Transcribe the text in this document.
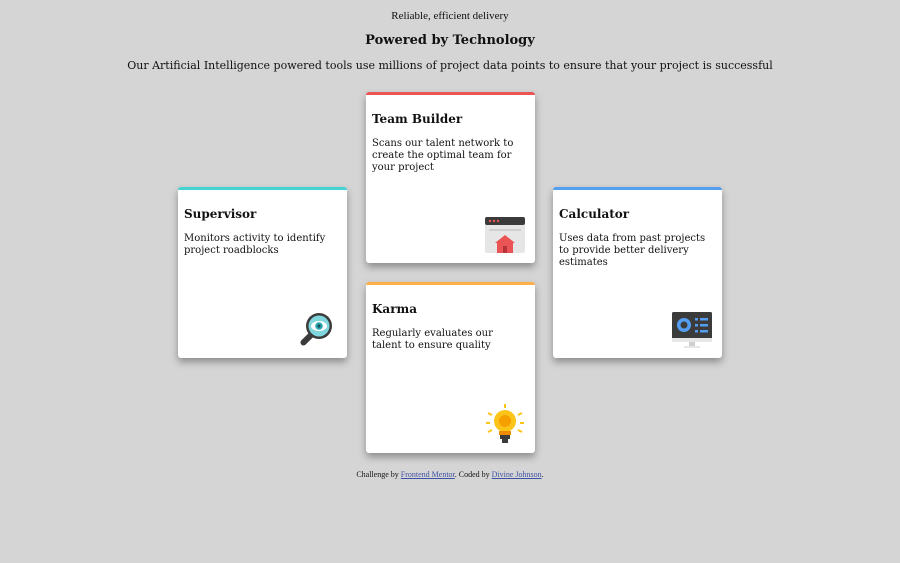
Reliable, efficient delivery

Powered by Technology

Our Artificial Intelligence powered tools use millions of project data points to ensure that your project is successful

Supervisor

Monitors activity to identify project roadblocks

Team Builder

Scans our talent network to create the optimal team for your project

Karma

Regularly evaluates our talent to ensure quality

Calculator

Uses data from past projects to provide better delivery estimates

Challenge by Frontend Mentor. Coded by Divine Johnson.
